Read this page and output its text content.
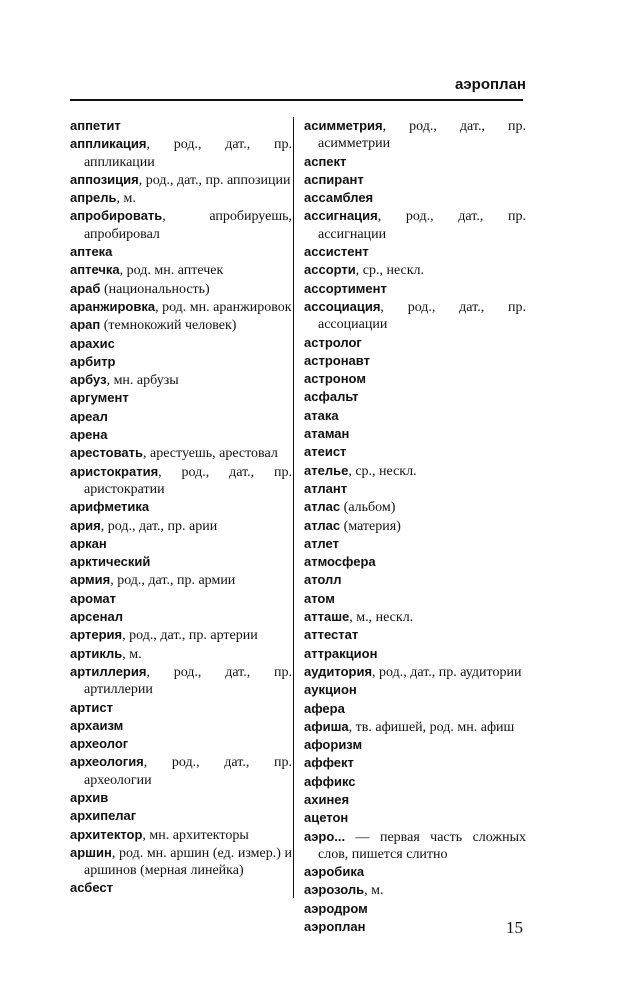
аэроплан
аппетит
аппликация, род., дат., пр. аппликации
аппозиция, род., дат., пр. аппозиции
апрель, м.
апробировать, апробируешь, апробировал
аптека
аптечка, род. мн. аптечек
араб (национальность)
аранжировка, род. мн. аранжировок
арап (темнокожий человек)
арахис
арбитр
арбуз, мн. арбузы
аргумент
ареал
арена
арестовать, арестуешь, арестовал
аристократия, род., дат., пр. аристократии
арифметика
ария, род., дат., пр. арии
аркан
арктический
армия, род., дат., пр. армии
аромат
арсенал
артерия, род., дат., пр. артерии
артикль, м.
артиллерия, род., дат., пр. артиллерии
артист
архаизм
археолог
археология, род., дат., пр. археологии
архив
архипелаг
архитектор, мн. архитекторы
аршин, род. мн. аршин (ед. измер.) и аршинов (мерная линейка)
асбест
асимметрия, род., дат., пр. асимметрии
аспект
аспирант
ассамблея
ассигнация, род., дат., пр. ассигнации
ассистент
ассорти, ср., нескл.
ассортимент
ассоциация, род., дат., пр. ассоциации
астролог
астронавт
астроном
асфальт
атака
атаман
атеист
ателье, ср., нескл.
атлант
атлас (альбом)
атлас (материя)
атлет
атмосфера
атолл
атом
атташе, м., нескл.
аттестат
аттракцион
аудитория, род., дат., пр. аудитории
аукцион
афера
афиша, тв. афишей, род. мн. афиш
афоризм
аффект
аффикс
ахинея
ацетон
аэро... — первая часть сложных слов, пишется слитно
аэробика
аэрозоль, м.
аэродром
аэроплан	15
